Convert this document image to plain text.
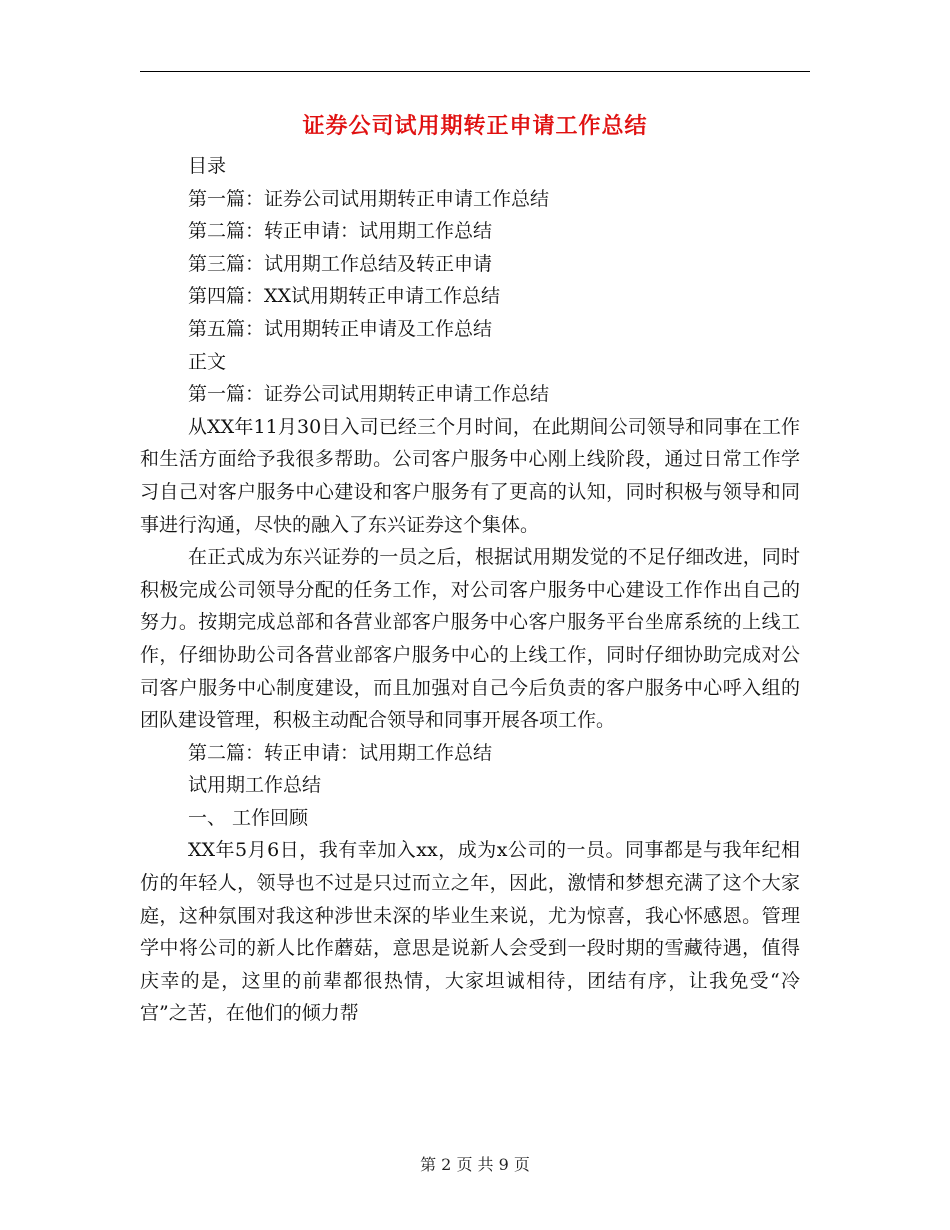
证券公司试用期转正申请工作总结
目录
第一篇：证券公司试用期转正申请工作总结
第二篇：转正申请：试用期工作总结
第三篇：试用期工作总结及转正申请
第四篇：XX试用期转正申请工作总结
第五篇：试用期转正申请及工作总结
正文
第一篇：证券公司试用期转正申请工作总结

从XX年11月30日入司已经三个月时间，在此期间公司领导和同事在工作和生活方面给予我很多帮助。公司客户服务中心刚上线阶段，通过日常工作学习自己对客户服务中心建设和客户服务有了更高的认知，同时积极与领导和同事进行沟通，尽快的融入了东兴证券这个集体。

在正式成为东兴证券的一员之后，根据试用期发觉的不足仔细改进，同时积极完成公司领导分配的任务工作，对公司客户服务中心建设工作作出自己的努力。按期完成总部和各营业部客户服务中心客户服务平台坐席系统的上线工作，仔细协助公司各营业部客户服务中心的上线工作，同时仔细协助完成对公司客户服务中心制度建设，而且加强对自己今后负责的客户服务中心呼入组的团队建设管理，积极主动配合领导和同事开展各项工作。

第二篇：转正申请：试用期工作总结
试用期工作总结
一、 工作回顾

XX年5月6日，我有幸加入xx，成为x公司的一员。同事都是与我年纪相仿的年轻人，领导也不过是只过而立之年，因此，激情和梦想充满了这个大家庭，这种氛围对我这种涉世未深的毕业生来说，尤为惊喜，我心怀感恩。管理学中将公司的新人比作蘑菇，意思是说新人会受到一段时期的雪藏待遇，值得庆幸的是，这里的前辈都很热情，大家坦诚相待，团结有序，让我免受“冷宫”之苦，在他们的倾力帮

第 2 页 共 9 页
